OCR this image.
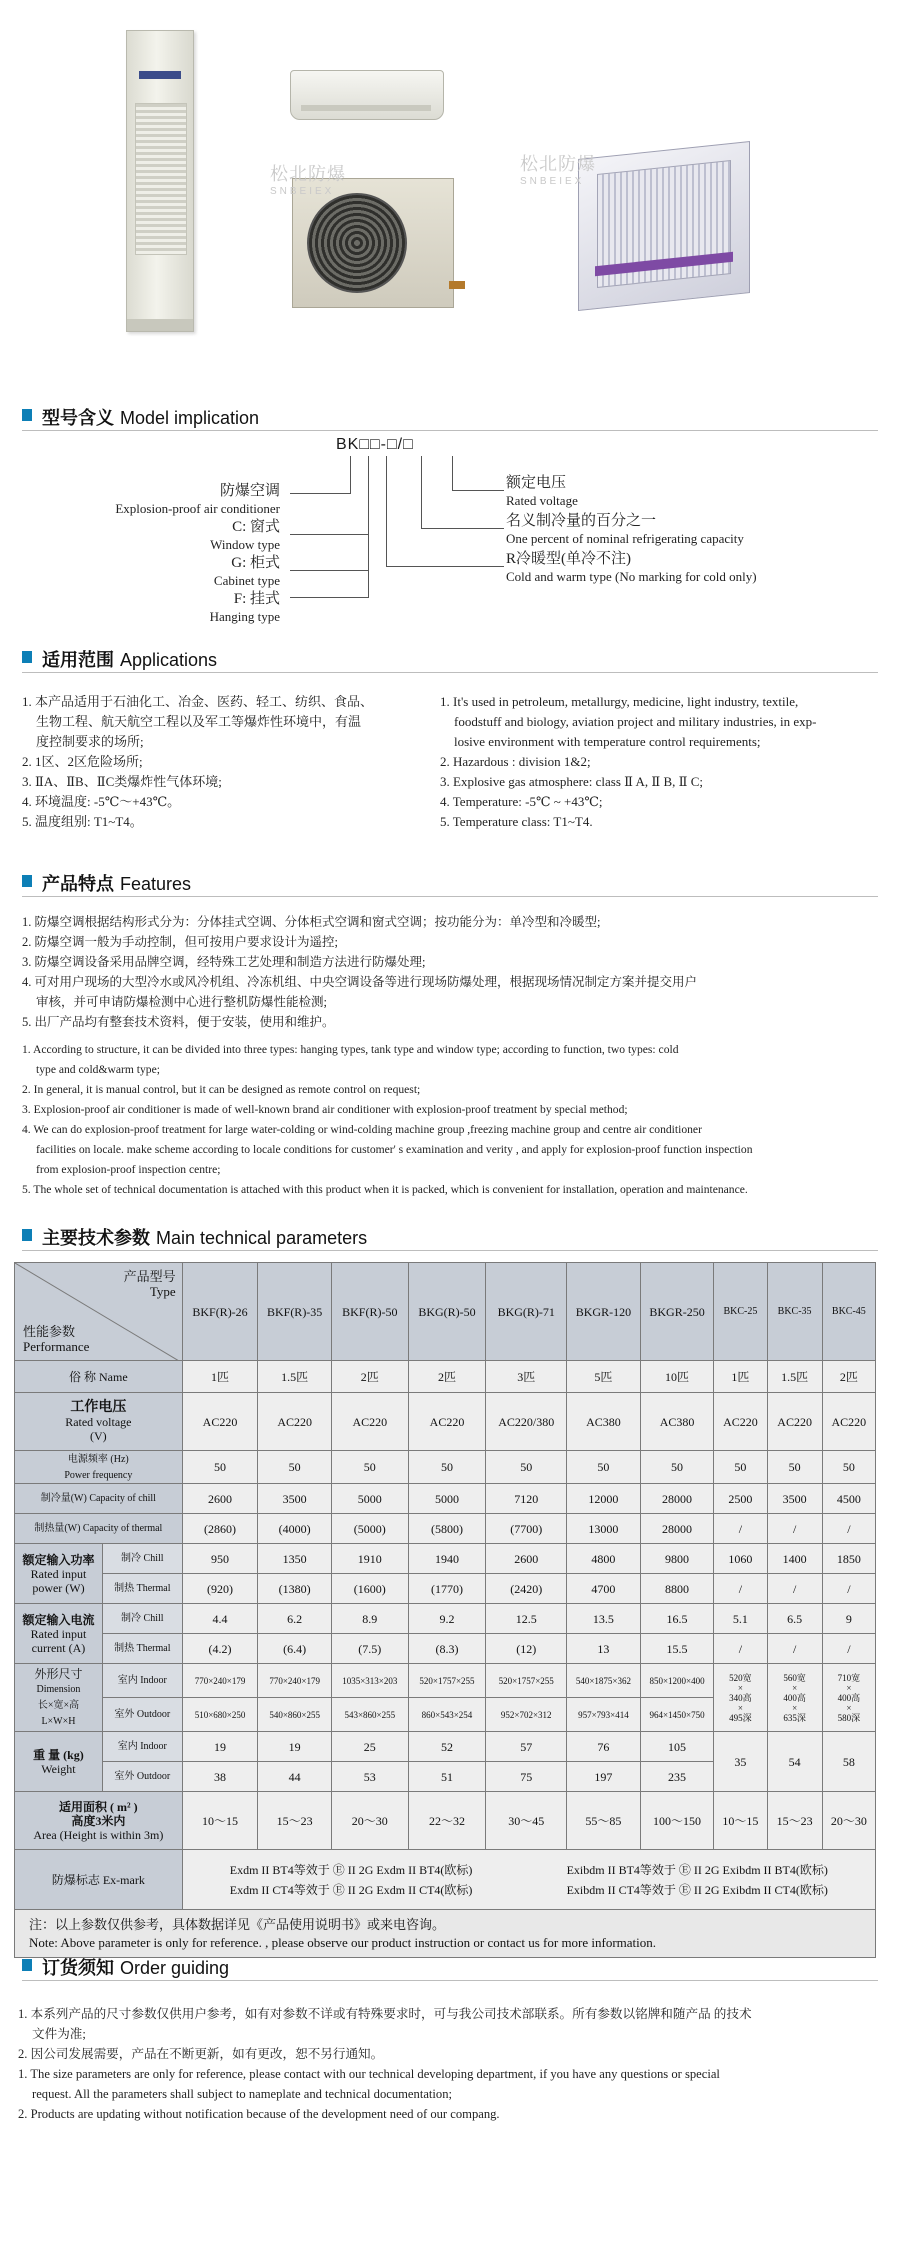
松北防爆
SNBEIEX
松北防爆
SNBEIEX
型号含义 Model implication
BK□□-□/□
防爆空调
Explosion-proof air conditioner
C: 窗式
Window type
G: 柜式
Cabinet type
F: 挂式
Hanging type
额定电压
Rated voltage
名义制冷量的百分之一
One percent of nominal refrigerating capacity
R冷暖型(单冷不注)
Cold and warm type (No marking for cold only)
适用范围 Applications
1. 本产品适用于石油化工、冶金、医药、轻工、纺织、食品、
生物工程、航天航空工程以及军工等爆炸性环境中，有温
度控制要求的场所;
2. 1区、2区危险场所;
3. ⅡA、ⅡB、ⅡC类爆炸性气体环境;
4. 环境温度: -5℃～+43℃。
5. 温度组别: T1~T4。
1. It's used in petroleum, metallurgy, medicine, light industry, textile,
foodstuff and biology, aviation project and military industries, in exp-
losive environment with temperature control requirements;
2. Hazardous : division 1&2;
3. Explosive gas atmosphere: class Ⅱ A, Ⅱ B, Ⅱ C;
4. Temperature: -5℃ ~ +43℃;
5. Temperature class: T1~T4.
产品特点 Features
1. 防爆空调根据结构形式分为：分体挂式空调、分体柜式空调和窗式空调；按功能分为：单冷型和冷暖型;
2. 防爆空调一般为手动控制，但可按用户要求设计为遥控;
3. 防爆空调设备采用品牌空调，经特殊工艺处理和制造方法进行防爆处理;
4. 可对用户现场的大型冷水或风冷机组、冷冻机组、中央空调设备等进行现场防爆处理，根据现场情况制定方案并提交用户
审核，并可申请防爆检测中心进行整机防爆性能检测;
5. 出厂产品均有整套技术资料，便于安装，使用和维护。
1. According to structure, it can be divided into three types: hanging types, tank type and window type; according to function, two types: cold
type and cold&warm type;
2. In general, it is manual control, but it can be designed as remote control on request;
3. Explosion-proof air conditioner is made of well-known brand air conditioner with explosion-proof treatment by special method;
4. We can do explosion-proof treatment for large water-colding or wind-colding machine group ,freezing machine group and centre air conditioner
facilities on locale. make scheme according to locale conditions for customer' s examination and verity , and apply for explosion-proof function inspection
from explosion-proof inspection centre;
5. The whole set of technical documentation is attached with this product when it is packed, which is convenient for installation, operation and maintenance.
主要技术参数 Main technical parameters
产品型号
Type
性能参数
Performance		BKF(R)-26	BKF(R)-35	BKF(R)-50	BKG(R)-50	BKG(R)-71	BKGR-120	BKGR-250	BKC-25	BKC-35	BKC-45
俗 称 Name		1匹	1.5匹	2匹	2匹	3匹	5匹	10匹	1匹	1.5匹	2匹
工作电压
Rated voltage
(V)		AC220	AC220	AC220	AC220	AC220/380	AC380	AC380	AC220	AC220	AC220
电源频率 (Hz)
Power frequency		50	50	50	50	50	50	50	50	50	50
制冷量(W) Capacity of chill		2600	3500	5000	5000	7120	12000	28000	2500	3500	4500
制热量(W) Capacity of thermal		(2860)	(4000)	(5000)	(5800)	(7700)	13000	28000	/	/	/
额定输入功率
Rated input
power (W)	制冷 Chill	950	1350	1910	1940	2600	4800	9800	1060	1400	1850
	制热 Thermal	(920)	(1380)	(1600)	(1770)	(2420)	4700	8800	/	/	/
额定输入电流
Rated input
current (A)	制冷 Chill	4.4	6.2	8.9	9.2	12.5	13.5	16.5	5.1	6.5	9
	制热 Thermal	(4.2)	(6.4)	(7.5)	(8.3)	(12)	13	15.5	/	/	/
外形尺寸
Dimension
长×宽×高
L×W×H	室内 Indoor	770×240×179	770×240×179	1035×313×203	520×1757×255	520×1757×255	540×1875×362	850×1200×400	520宽
×
340高
×
495深	560宽
×
400高
×
635深	710宽
×
400高
×
580深
	室外 Outdoor	510×680×250	540×860×255	543×860×255	860×543×254	952×702×312	957×793×414	964×1450×750			
重 量 (kg)
Weight	室内 Indoor	19	19	25	52	57	76	105	35	54	58
	室外 Outdoor	38	44	53	51	75	197	235			
适用面积 ( m² )
高度3米内
Area (Height is within 3m)		10～15	15～23	20～30	22～32	30～45	55～85	100～150	10～15	15～23	20～30
防爆标志 Ex-mark		Exdm II BT4等效于 Ⓔ II 2G Exdm II BT4(欧标)
Exdm II CT4等效于 Ⓔ II 2G Exdm II CT4(欧标)
Exibdm II BT4等效于 Ⓔ II 2G Exibdm II BT4(欧标)
Exibdm II CT4等效于 Ⓔ II 2G Exibdm II CT4(欧标)									

注：以上参数仅供参考，具体数据详见《产品使用说明书》或来电咨询。
Note: Above parameter is only for reference. , please observe our product instruction or contact us for more information.											
订货须知 Order guiding
1. 本系列产品的尺寸参数仅供用户参考，如有对参数不详或有特殊要求时，可与我公司技术部联系。所有参数以铭牌和随产品 的技术
文件为准;
2. 因公司发展需要，产品在不断更新，如有更改，恕不另行通知。
1. The size parameters are only for reference, please contact with our technical developing department, if you have any questions or special
request. All the parameters shall subject to nameplate and technical documentation;
2. Products are updating without notification because of the development need of our compang.
